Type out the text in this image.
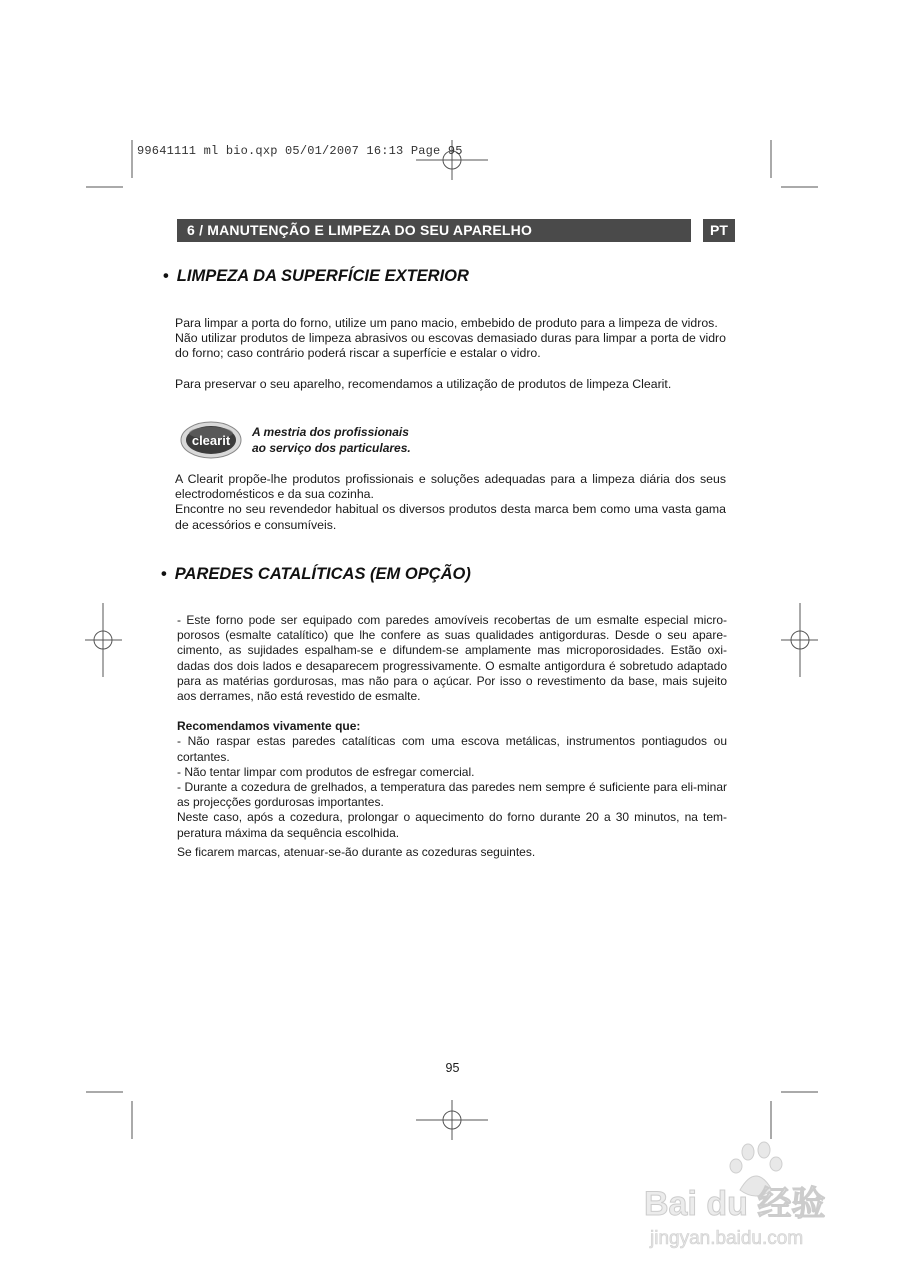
99641111 ml bio.qxp 05/01/2007 16:13 Page 95
6 / MANUTENÇÃO E LIMPEZA DO SEU APARELHO	PT
• LIMPEZA DA SUPERFÍCIE EXTERIOR

Para limpar a porta do forno, utilize um pano macio, embebido de produto para a limpeza de vidros.

Não utilizar produtos de limpeza abrasivos ou escovas demasiado duras para limpar a porta de vidro do forno; caso contrário poderá riscar a superfície e estalar o vidro.

Para preservar o seu aparelho, recomendamos a utilização de produtos de limpeza Clearit.

clearit

A mestria dos profissionais

ao serviço dos particulares.

A Clearit propõe-lhe produtos profissionais e soluções adequadas para a limpeza diária dos seus electrodomésticos e da sua cozinha.

Encontre no seu revendedor habitual os diversos produtos desta marca bem como uma vasta gama de acessórios e consumíveis.

• PAREDES CATALÍTICAS (EM OPÇÃO)

- Este forno pode ser equipado com paredes amovíveis recobertas de um esmalte especial micro-porosos (esmalte catalítico) que lhe confere as suas qualidades antigorduras. Desde o seu apare-cimento, as sujidades espalham-se e difundem-se amplamente mas microporosidades. Estão oxi-dadas dos dois lados e desaparecem progressivamente. O esmalte antigordura é sobretudo adaptado para as matérias gordurosas, mas não para o açúcar. Por isso o revestimento da base, mais sujeito aos derrames, não está revestido de esmalte.

Recomendamos vivamente que:

- Não raspar estas paredes catalíticas com uma escova metálicas, instrumentos pontiagudos ou cortantes.

- Não tentar limpar com produtos de esfregar comercial.

- Durante a cozedura de grelhados, a temperatura das paredes nem sempre é suficiente para eli-minar as projecções gordurosas importantes.

Neste caso, após a cozedura, prolongar o aquecimento do forno durante 20 a 30 minutos, na tem-peratura máxima da sequência escolhida.

Se ficarem marcas, atenuar-se-ão durante as cozeduras seguintes.

95
Bai du 经验
jingyan.baidu.com
